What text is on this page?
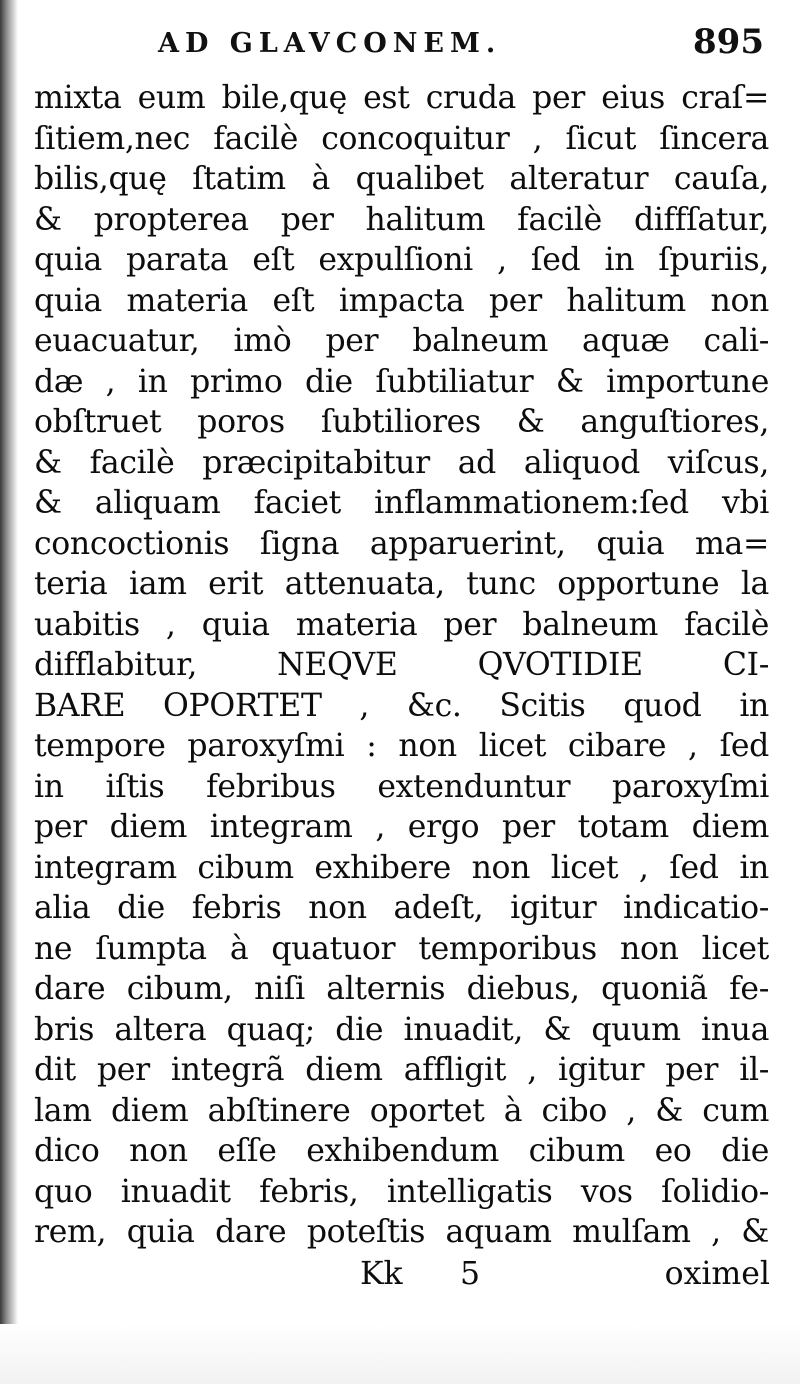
AD GLAVCONEM.	895
mixta eum bile,quę est cruda per eius craſ=
ſitiem,nec facilè concoquitur , ſicut ſincera
bilis,quę ſtatim à qualibet alteratur cauſa,
& propterea per halitum facilè diffſatur,
quia parata eſt expulſioni , ſed in ſpuriis,
quia materia eſt impacta per halitum non
euacuatur, imò per balneum aquæ cali-
dæ , in primo die ſubtiliatur & importune
obſtruet poros ſubtiliores & anguſtiores,
& facilè præcipitabitur ad aliquod viſcus,
& aliquam faciet inflammationem:ſed vbi
concoctionis ſigna apparuerint, quia ma=
teria iam erit attenuata, tunc opportune la
uabitis , quia materia per balneum facilè
difflabitur, NEQVE QVOTIDIE CI-
BARE OPORTET , &c. Scitis quod in
tempore paroxyſmi : non licet cibare , ſed
in iſtis febribus extenduntur paroxyſmi
per diem integram , ergo per totam diem
integram cibum exhibere non licet , ſed in
alia die febris non adeſt, igitur indicatio-
ne ſumpta à quatuor temporibus non licet
dare cibum, niſi alternis diebus, quoniã fe-
bris altera quaq; die inuadit, & quum inua
dit per integrã diem affligit , igitur per il-
lam diem abſtinere oportet à cibo , & cum
dico non eſſe exhibendum cibum eo die
quo inuadit febris, intelligatis vos ſolidio-
rem, quia dare poteſtis aquam mulſam , &
Kk 5	oximel
